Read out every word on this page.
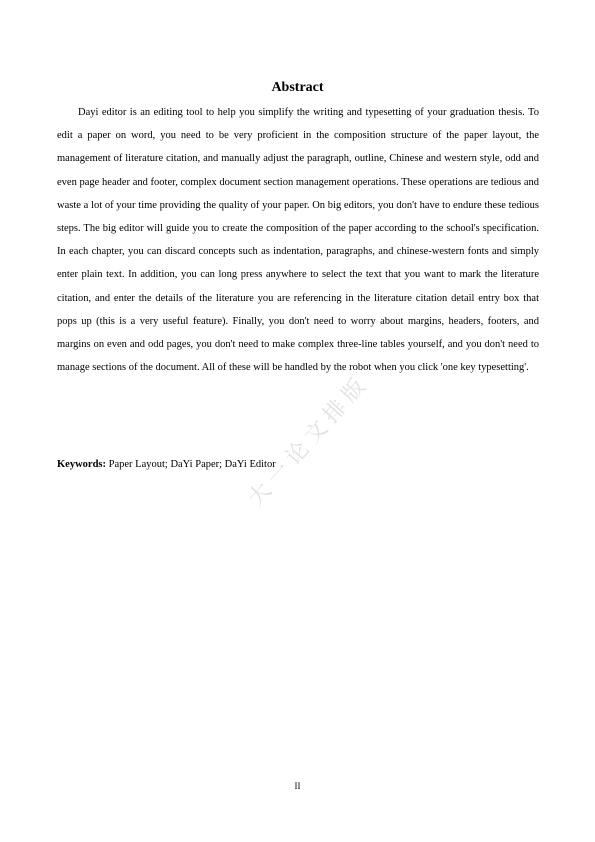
大一论文排版
Abstract

Dayi editor is an editing tool to help you simplify the writing and typesetting of your graduation thesis. To edit a paper on word, you need to be very proficient in the composition structure of the paper layout, the management of literature citation, and manually adjust the paragraph, outline, Chinese and western style, odd and even page header and footer, complex document section management operations. These operations are tedious and waste a lot of your time providing the quality of your paper. On big editors, you don't have to endure these tedious steps. The big editor will guide you to create the composition of the paper according to the school's specification. In each chapter, you can discard concepts such as indentation, paragraphs, and chinese-western fonts and simply enter plain text. In addition, you can long press anywhere to select the text that you want to mark the literature citation, and enter the details of the literature you are referencing in the literature citation detail entry box that pops up (this is a very useful feature). Finally, you don't need to worry about margins, headers, footers, and margins on even and odd pages, you don't need to make complex three-line tables yourself, and you don't need to manage sections of the document. All of these will be handled by the robot when you click 'one key typesetting'.

Keywords: Paper Layout; DaYi Paper; DaYi Editor

II
